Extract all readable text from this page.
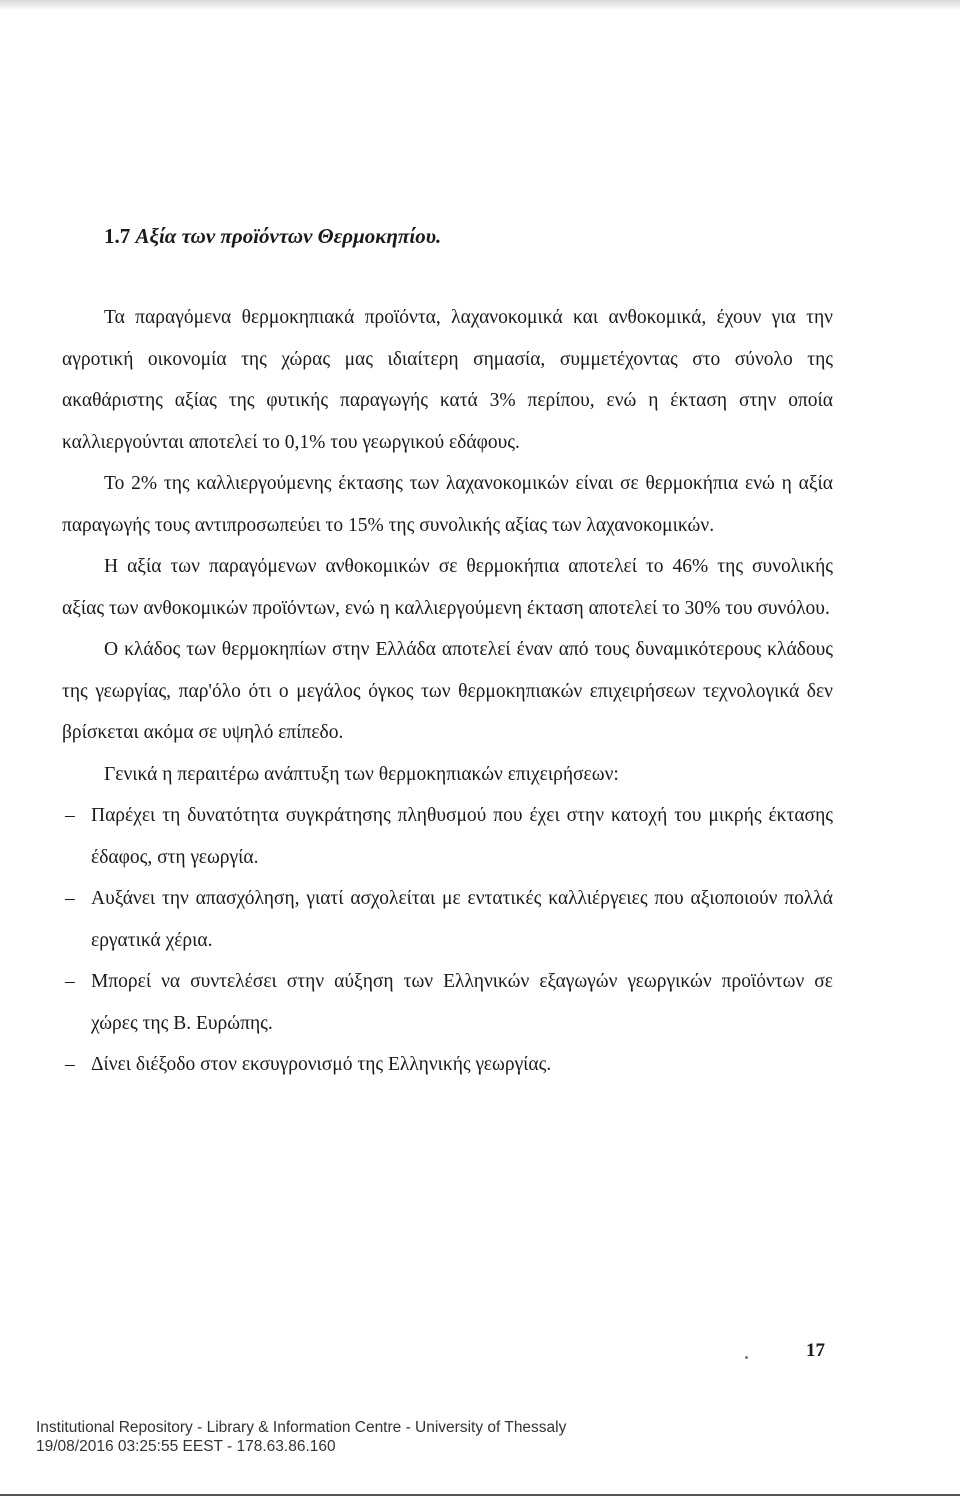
1.7 Αξία των προϊόντων Θερμοκηπίου.

Τα παραγόμενα θερμοκηπιακά προϊόντα, λαχανοκομικά και ανθοκομικά, έχουν για την αγροτική οικονομία της χώρας μας ιδιαίτερη σημασία, συμμετέχοντας στο σύνολο της ακαθάριστης αξίας της φυτικής παραγωγής κατά 3% περίπου, ενώ η έκταση στην οποία καλλιεργούνται αποτελεί το 0,1% του γεωργικού εδάφους.

Το 2% της καλλιεργούμενης έκτασης των λαχανοκομικών είναι σε θερμοκήπια ενώ η αξία παραγωγής τους αντιπροσωπεύει το 15% της συνολικής αξίας των λαχανοκομικών.

Η αξία των παραγόμενων ανθοκομικών σε θερμοκήπια αποτελεί το 46% της συνολικής αξίας των ανθοκομικών προϊόντων, ενώ η καλλιεργούμενη έκταση αποτελεί το 30% του συνόλου.

Ο κλάδος των θερμοκηπίων στην Ελλάδα αποτελεί έναν από τους δυναμικότερους κλάδους της γεωργίας, παρ'όλο ότι ο μεγάλος όγκος των θερμοκηπιακών επιχειρήσεων τεχνολογικά δεν βρίσκεται ακόμα σε υψηλό επίπεδο.

Γενικά η περαιτέρω ανάπτυξη των θερμοκηπιακών επιχειρήσεων:

– Παρέχει τη δυνατότητα συγκράτησης πληθυσμού που έχει στην κατοχή του μικρής έκτασης έδαφος, στη γεωργία.
– Αυξάνει την απασχόληση, γιατί ασχολείται με εντατικές καλλιέργειες που αξιοποιούν πολλά εργατικά χέρια.
– Μπορεί να συντελέσει στην αύξηση των Ελληνικών εξαγωγών γεωργικών προϊόντων σε χώρες της Β. Ευρώπης.
– Δίνει διέξοδο στον εκσυγρονισμό της Ελληνικής γεωργίας.
17
Institutional Repository - Library & Information Centre - University of Thessaly
19/08/2016 03:25:55 EEST - 178.63.86.160
